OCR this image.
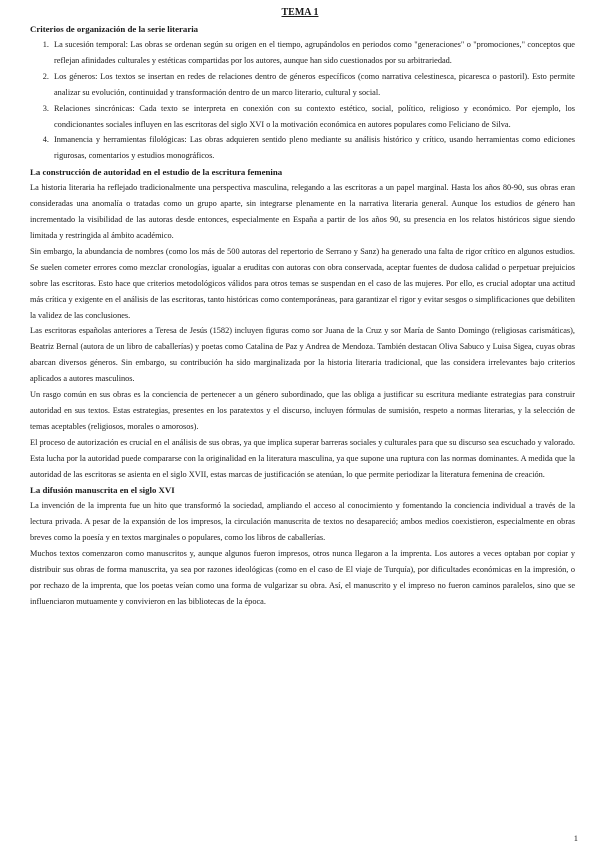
TEMA 1
Criterios de organización de la serie literaria
1. La sucesión temporal: Las obras se ordenan según su origen en el tiempo, agrupándolos en periodos como "generaciones" o "promociones," conceptos que reflejan afinidades culturales y estéticas compartidas por los autores, aunque han sido cuestionados por su arbitrariedad.
2. Los géneros: Los textos se insertan en redes de relaciones dentro de géneros específicos (como narrativa celestinesca, picaresca o pastoril). Esto permite analizar su evolución, continuidad y transformación dentro de un marco literario, cultural y social.
3. Relaciones sincrónicas: Cada texto se interpreta en conexión con su contexto estético, social, político, religioso y económico. Por ejemplo, los condicionantes sociales influyen en las escritoras del siglo XVI o la motivación económica en autores populares como Feliciano de Silva.
4. Inmanencia y herramientas filológicas: Las obras adquieren sentido pleno mediante su análisis histórico y crítico, usando herramientas como ediciones rigurosas, comentarios y estudios monográficos.
La construcción de autoridad en el estudio de la escritura femenina

La historia literaria ha reflejado tradicionalmente una perspectiva masculina, relegando a las escritoras a un papel marginal. Hasta los años 80-90, sus obras eran consideradas una anomalía o tratadas como un grupo aparte, sin integrarse plenamente en la narrativa literaria general. Aunque los estudios de género han incrementado la visibilidad de las autoras desde entonces, especialmente en España a partir de los años 90, su presencia en los relatos históricos sigue siendo limitada y restringida al ámbito académico.

Sin embargo, la abundancia de nombres (como los más de 500 autoras del repertorio de Serrano y Sanz) ha generado una falta de rigor crítico en algunos estudios. Se suelen cometer errores como mezclar cronologías, igualar a eruditas con autoras con obra conservada, aceptar fuentes de dudosa calidad o perpetuar prejuicios sobre las escritoras. Esto hace que criterios metodológicos válidos para otros temas se suspendan en el caso de las mujeres. Por ello, es crucial adoptar una actitud más crítica y exigente en el análisis de las escritoras, tanto históricas como contemporáneas, para garantizar el rigor y evitar sesgos o simplificaciones que debiliten la validez de las conclusiones.

Las escritoras españolas anteriores a Teresa de Jesús (1582) incluyen figuras como sor Juana de la Cruz y sor María de Santo Domingo (religiosas carismáticas), Beatriz Bernal (autora de un libro de caballerías) y poetas como Catalina de Paz y Andrea de Mendoza. También destacan Oliva Sabuco y Luisa Sigea, cuyas obras abarcan diversos géneros. Sin embargo, su contribución ha sido marginalizada por la historia literaria tradicional, que las considera irrelevantes bajo criterios aplicados a autores masculinos.

Un rasgo común en sus obras es la conciencia de pertenecer a un género subordinado, que las obliga a justificar su escritura mediante estrategias para construir autoridad en sus textos. Estas estrategias, presentes en los paratextos y el discurso, incluyen fórmulas de sumisión, respeto a normas literarias, y la selección de temas aceptables (religiosos, morales o amorosos).

El proceso de autorización es crucial en el análisis de sus obras, ya que implica superar barreras sociales y culturales para que su discurso sea escuchado y valorado. Esta lucha por la autoridad puede compararse con la originalidad en la literatura masculina, ya que supone una ruptura con las normas dominantes. A medida que la autoridad de las escritoras se asienta en el siglo XVII, estas marcas de justificación se atenúan, lo que permite periodizar la literatura femenina de creación.

La difusión manuscrita en el siglo XVI

La invención de la imprenta fue un hito que transformó la sociedad, ampliando el acceso al conocimiento y fomentando la conciencia individual a través de la lectura privada. A pesar de la expansión de los impresos, la circulación manuscrita de textos no desapareció; ambos medios coexistieron, especialmente en obras breves como la poesía y en textos marginales o populares, como los libros de caballerías.

Muchos textos comenzaron como manuscritos y, aunque algunos fueron impresos, otros nunca llegaron a la imprenta. Los autores a veces optaban por copiar y distribuir sus obras de forma manuscrita, ya sea por razones ideológicas (como en el caso de El viaje de Turquía), por dificultades económicas en la impresión, o por rechazo de la imprenta, que los poetas veían como una forma de vulgarizar su obra. Así, el manuscrito y el impreso no fueron caminos paralelos, sino que se influenciaron mutuamente y convivieron en las bibliotecas de la época.

1
